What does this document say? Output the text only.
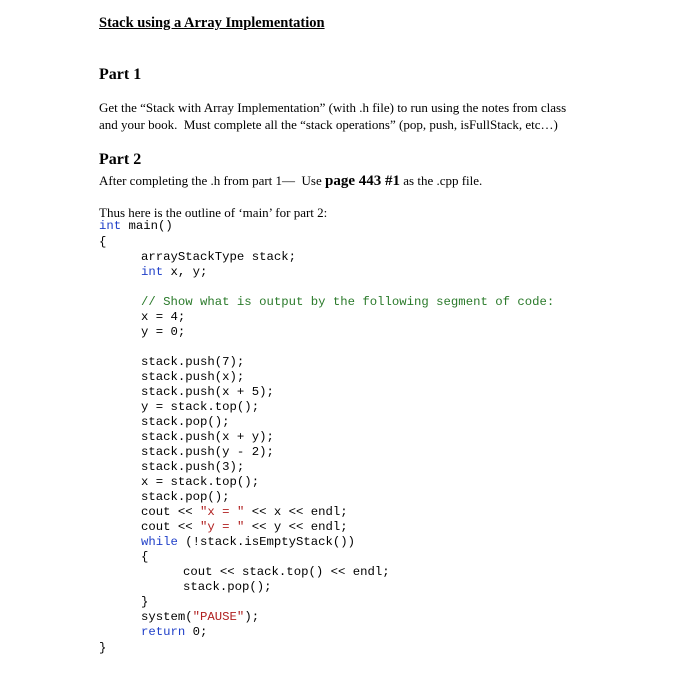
Stack using a Array Implementation
Part 1
Get the “Stack with Array Implementation” (with .h file) to run using the notes from class
and your book.  Must complete all the “stack operations” (pop, push, isFullStack, etc…)
Part 2
After completing the .h from part 1—  Use page 443 #1 as the .cpp file.
Thus here is the outline of ‘main’ for part 2:
int main()
{
arrayStackType stack;
int x, y;
// Show what is output by the following segment of code:
x = 4;
y = 0;
stack.push(7);
stack.push(x);
stack.push(x + 5);
y = stack.top();
stack.pop();
stack.push(x + y);
stack.push(y - 2);
stack.push(3);
x = stack.top();
stack.pop();
cout << "x = " << x << endl;
cout << "y = " << y << endl;
while (!stack.isEmptyStack())
{
cout << stack.top() << endl;
stack.pop();
}
system("PAUSE");
return 0;
}
